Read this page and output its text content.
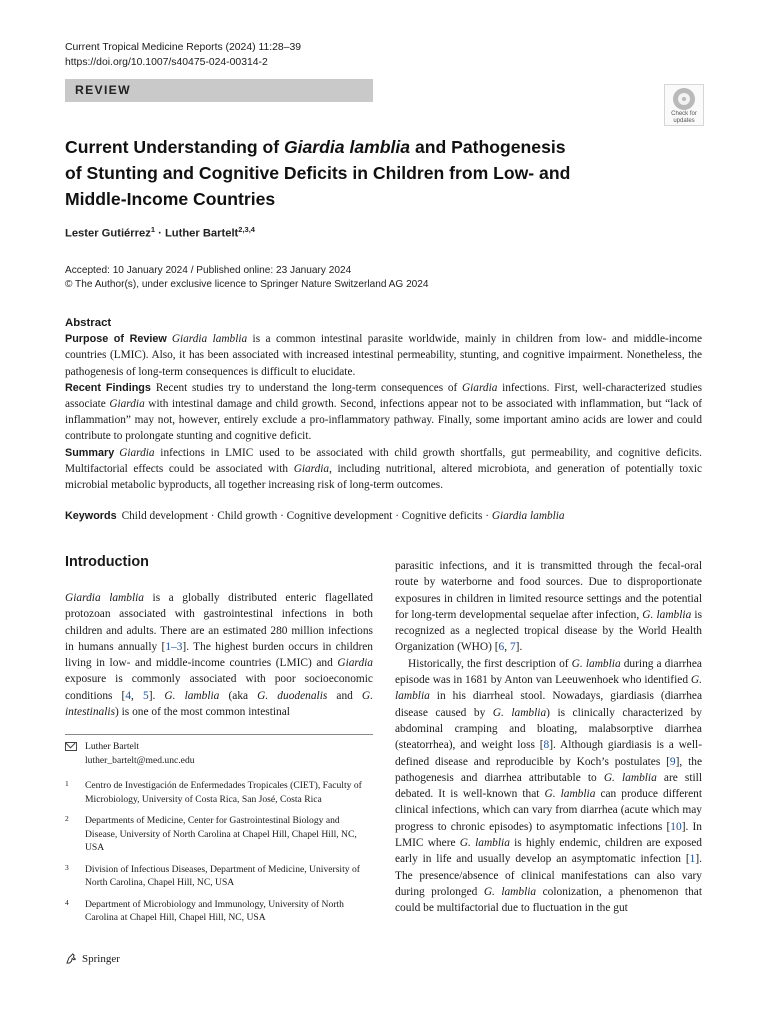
Current Tropical Medicine Reports (2024) 11:28–39
https://doi.org/10.1007/s40475-024-00314-2
REVIEW
Check for
updates
Current Understanding of Giardia lamblia and Pathogenesis of Stunting and Cognitive Deficits in Children from Low- and Middle-Income Countries
Lester Gutiérrez$^1$ · Luther Bartelt$^{2,3,4}$
Accepted: 10 January 2024 / Published online: 23 January 2024
© The Author(s), under exclusive licence to Springer Nature Switzerland AG 2024
Abstract

Purpose of Review Giardia lamblia is a common intestinal parasite worldwide, mainly in children from low- and middle-income countries (LMIC). Also, it has been associated with increased intestinal permeability, stunting, and cognitive impairment. Nonetheless, the pathogenesis of long-term consequences is difficult to elucidate.

Recent Findings Recent studies try to understand the long-term consequences of Giardia infections. First, well-characterized studies associate Giardia with intestinal damage and child growth. Second, infections appear not to be associated with inflammation, but “lack of inflammation” may not, however, entirely exclude a pro-inflammatory pathway. Finally, some important amino acids are lower and could contribute to prolongate stunting and cognitive deficit.

Summary Giardia infections in LMIC used to be associated with child growth shortfalls, gut permeability, and cognitive deficits. Multifactorial effects could be associated with Giardia, including nutritional, altered microbiota, and generation of potentially toxic microbial metabolic byproducts, all together increasing risk of long-term outcomes.

Keywords Child development · Child growth · Cognitive development · Cognitive deficits · Giardia lamblia
Introduction

Giardia lamblia is a globally distributed enteric flagellated protozoan associated with gastrointestinal infections in both children and adults. There are an estimated 280 million infections in humans annually [1–3]. The highest burden occurs in children living in low- and middle-income countries (LMIC) and Giardia exposure is commonly associated with poor socioeconomic conditions [4, 5]. G. lamblia (aka G. duodenalis and G. intestinalis) is one of the most common intestinal

Luther Bartelt
luther_bartelt@med.unc.edu
1 Centro de Investigación de Enfermedades Tropicales (CIET), Faculty of Microbiology, University of Costa Rica, San José, Costa Rica
2 Departments of Medicine, Center for Gastrointestinal Biology and Disease, University of North Carolina at Chapel Hill, Chapel Hill, NC, USA
3 Division of Infectious Diseases, Department of Medicine, University of North Carolina, Chapel Hill, NC, USA
4 Department of Microbiology and Immunology, University of North Carolina at Chapel Hill, Chapel Hill, NC, USA

parasitic infections, and it is transmitted through the fecal-oral route by waterborne and food sources. Due to disproportionate exposures in children in limited resource settings and the potential for long-term developmental sequelae after infection, G. lamblia is recognized as a neglected tropical disease by the World Health Organization (WHO) [6, 7].

Historically, the first description of G. lamblia during a diarrhea episode was in 1681 by Anton van Leeuwenhoek who identified G. lamblia in his diarrheal stool. Nowadays, giardiasis (diarrhea disease caused by G. lamblia) is clinically characterized by abdominal cramping and bloating, malabsorptive diarrhea (steatorrhea), and weight loss [8]. Although giardiasis is a well-defined disease and reproducible by Koch’s postulates [9], the pathogenesis and diarrhea attributable to G. lamblia are still debated. It is well-known that G. lamblia can produce different clinical infections, which can vary from diarrhea (acute which may progress to chronic episodes) to asymptomatic infections [10]. In LMIC where G. lamblia is highly endemic, children are exposed early in life and usually develop an asymptomatic infection [1]. The presence/absence of clinical manifestations can also vary during prolonged G. lamblia colonization, a phenomenon that could be multifactorial due to fluctuation in the gut

Springer
